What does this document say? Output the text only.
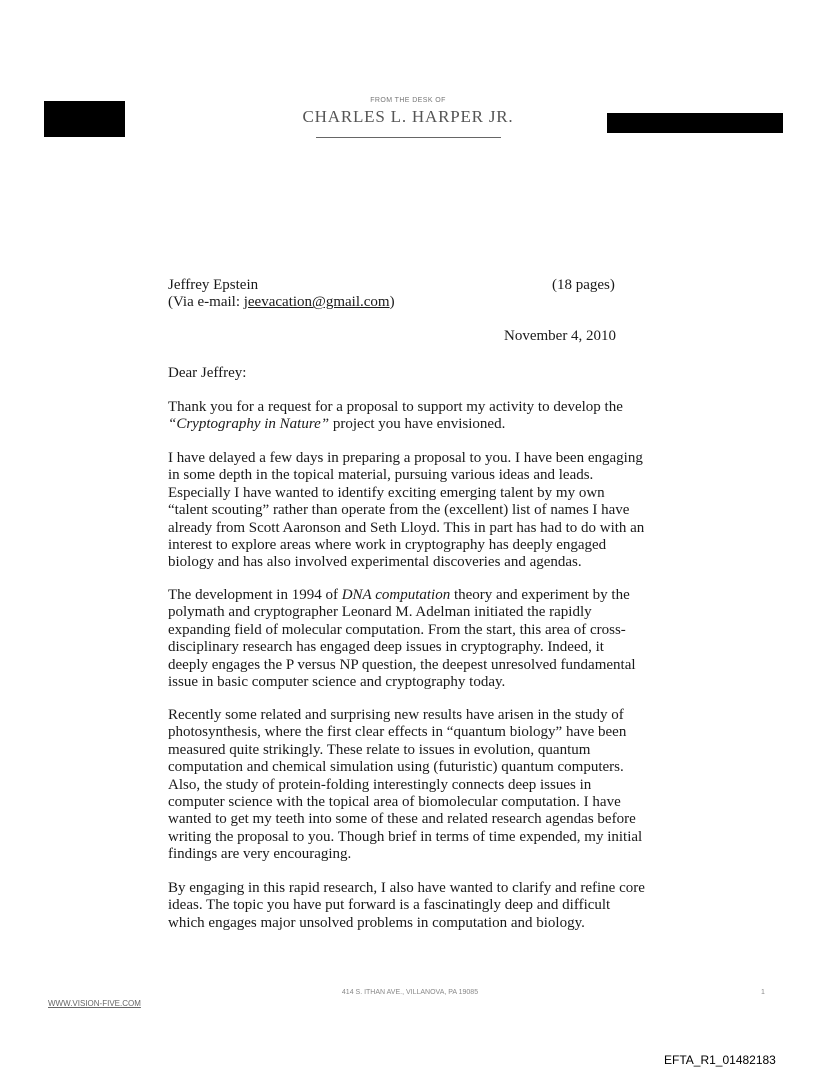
FROM THE DESK OF
CHARLES L. HARPER JR.
Jeffrey Epstein
(Via e-mail: jeevacation@gmail.com)
(18 pages)
November 4, 2010
Dear Jeffrey:

Thank you for a request for a proposal to support my activity to develop the
“Cryptography in Nature” project you have envisioned.

I have delayed a few days in preparing a proposal to you. I have been engaging in some depth in the topical material, pursuing various ideas and leads. Especially I have wanted to identify exciting emerging talent by my own “talent scouting” rather than operate from the (excellent) list of names I have already from Scott Aaronson and Seth Lloyd. This in part has had to do with an interest to explore areas where work in cryptography has deeply engaged biology and has also involved experimental discoveries and agendas.

The development in 1994 of DNA computation theory and experiment by the polymath and cryptographer Leonard M. Adelman initiated the rapidly expanding field of molecular computation. From the start, this area of cross-disciplinary research has engaged deep issues in cryptography. Indeed, it deeply engages the P versus NP question, the deepest unresolved fundamental issue in basic computer science and cryptography today.

Recently some related and surprising new results have arisen in the study of photosynthesis, where the first clear effects in “quantum biology” have been measured quite strikingly. These relate to issues in evolution, quantum computation and chemical simulation using (futuristic) quantum computers. Also, the study of protein-folding interestingly connects deep issues in computer science with the topical area of biomolecular computation. I have wanted to get my teeth into some of these and related research agendas before writing the proposal to you. Though brief in terms of time expended, my initial findings are very encouraging.

By engaging in this rapid research, I also have wanted to clarify and refine core ideas. The topic you have put forward is a fascinatingly deep and difficult which engages major unsolved problems in computation and biology.

414 S. ITHAN AVE., VILLANOVA, PA 19085	1
WWW.VISION-FIVE.COM
EFTA_R1_01482183
